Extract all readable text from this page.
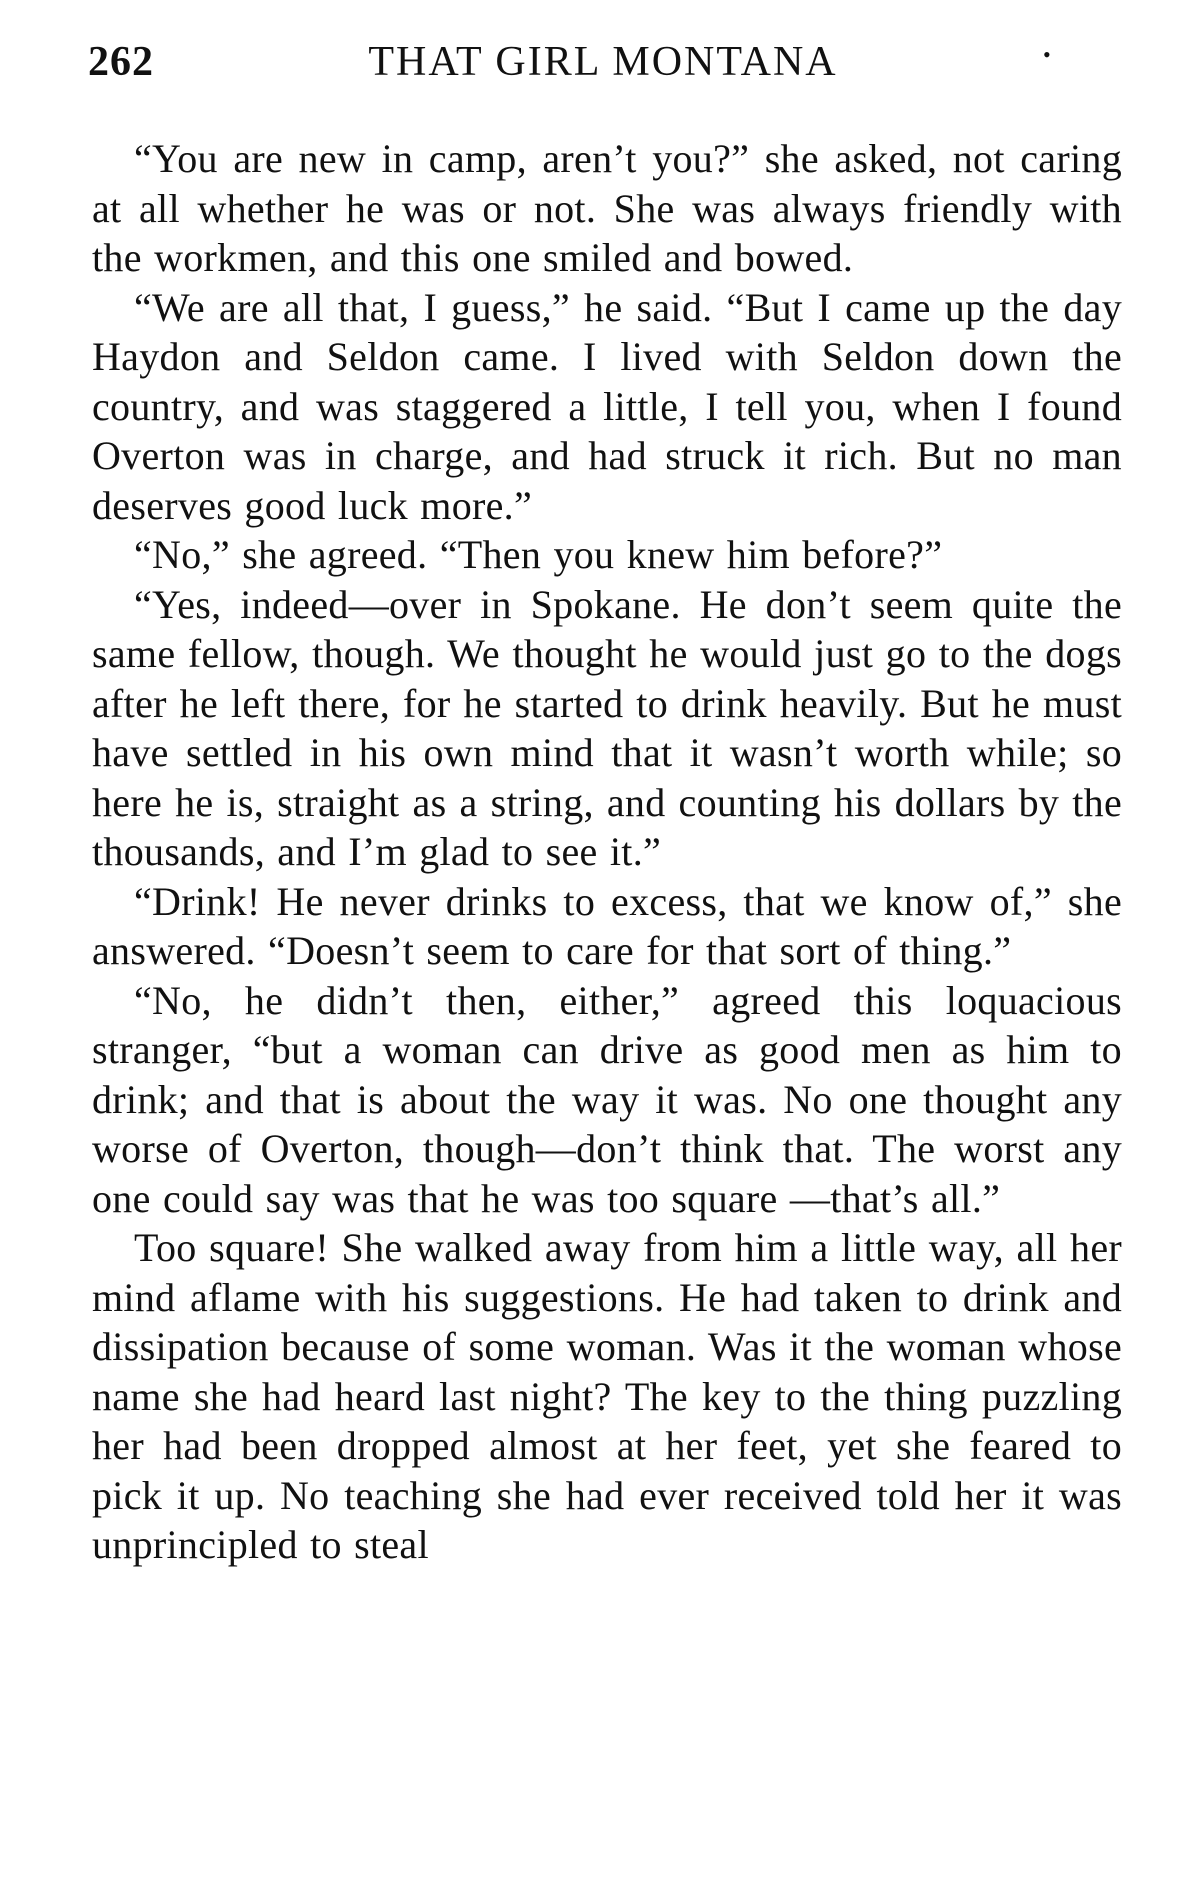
262	THAT GIRL MONTANA	•

“You are new in camp, aren’t you?” she asked, not caring at all whether he was or not. She was always friendly with the workmen, and this one smiled and bowed.

“We are all that, I guess,” he said. “But I came up the day Haydon and Seldon came. I lived with Seldon down the country, and was staggered a little, I tell you, when I found Overton was in charge, and had struck it rich. But no man deserves good luck more.”

“No,” she agreed. “Then you knew him before?”

“Yes, indeed—over in Spokane. He don’t seem quite the same fellow, though. We thought he would just go to the dogs after he left there, for he started to drink heavily. But he must have settled in his own mind that it wasn’t worth while; so here he is, straight as a string, and counting his dollars by the thousands, and I’m glad to see it.”

“Drink! He never drinks to excess, that we know of,” she answered. “Doesn’t seem to care for that sort of thing.”

“No, he didn’t then, either,” agreed this loquacious stranger, “but a woman can drive as good men as him to drink; and that is about the way it was. No one thought any worse of Overton, though—don’t think that. The worst any one could say was that he was too square —that’s all.”

Too square! She walked away from him a little way, all her mind aflame with his suggestions. He had taken to drink and dissipation because of some woman. Was it the woman whose name she had heard last night? The key to the thing puzzling her had been dropped almost at her feet, yet she feared to pick it up. No teaching she had ever received told her it was unprincipled to steal
